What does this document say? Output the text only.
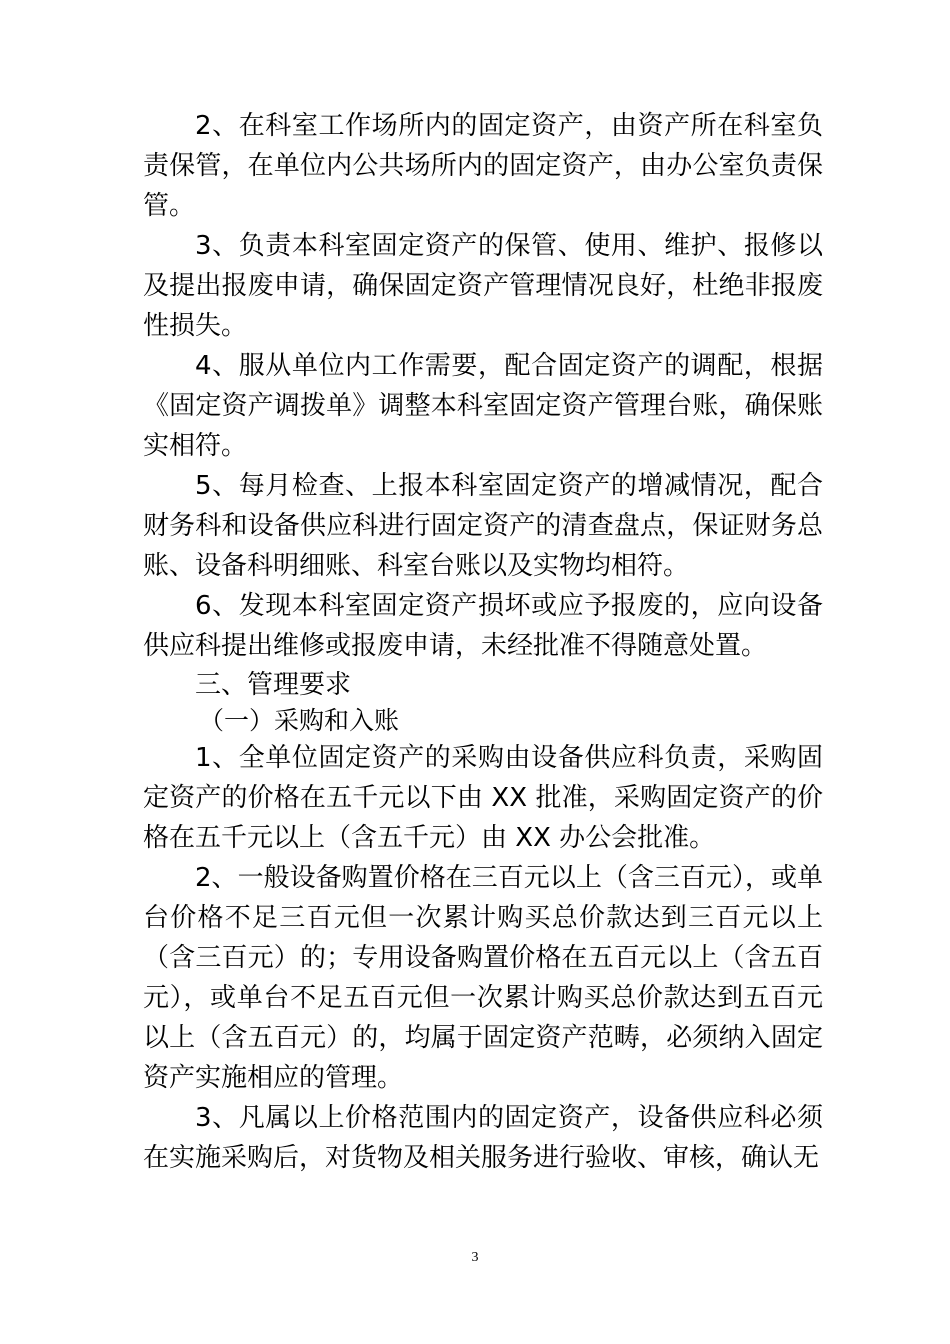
2、在科室工作场所内的固定资产，由资产所在科室负责保管，在单位内公共场所内的固定资产，由办公室负责保管。

3、负责本科室固定资产的保管、使用、维护、报修以及提出报废申请，确保固定资产管理情况良好，杜绝非报废性损失。

4、服从单位内工作需要，配合固定资产的调配，根据《固定资产调拨单》调整本科室固定资产管理台账，确保账实相符。

5、每月检查、上报本科室固定资产的增减情况，配合财务科和设备供应科进行固定资产的清查盘点，保证财务总账、设备科明细账、科室台账以及实物均相符。

6、发现本科室固定资产损坏或应予报废的，应向设备供应科提出维修或报废申请，未经批准不得随意处置。

三、管理要求

（一）采购和入账

1、全单位固定资产的采购由设备供应科负责，采购固定资产的价格在五千元以下由 XX 批准，采购固定资产的价格在五千元以上（含五千元）由 XX 办公会批准。

2、一般设备购置价格在三百元以上（含三百元），或单台价格不足三百元但一次累计购买总价款达到三百元以上（含三百元）的；专用设备购置价格在五百元以上（含五百元），或单台不足五百元但一次累计购买总价款达到五百元以上（含五百元）的，均属于固定资产范畴，必须纳入固定资产实施相应的管理。

3、凡属以上价格范围内的固定资产，设备供应科必须在实施采购后，对货物及相关服务进行验收、审核，确认无

3
